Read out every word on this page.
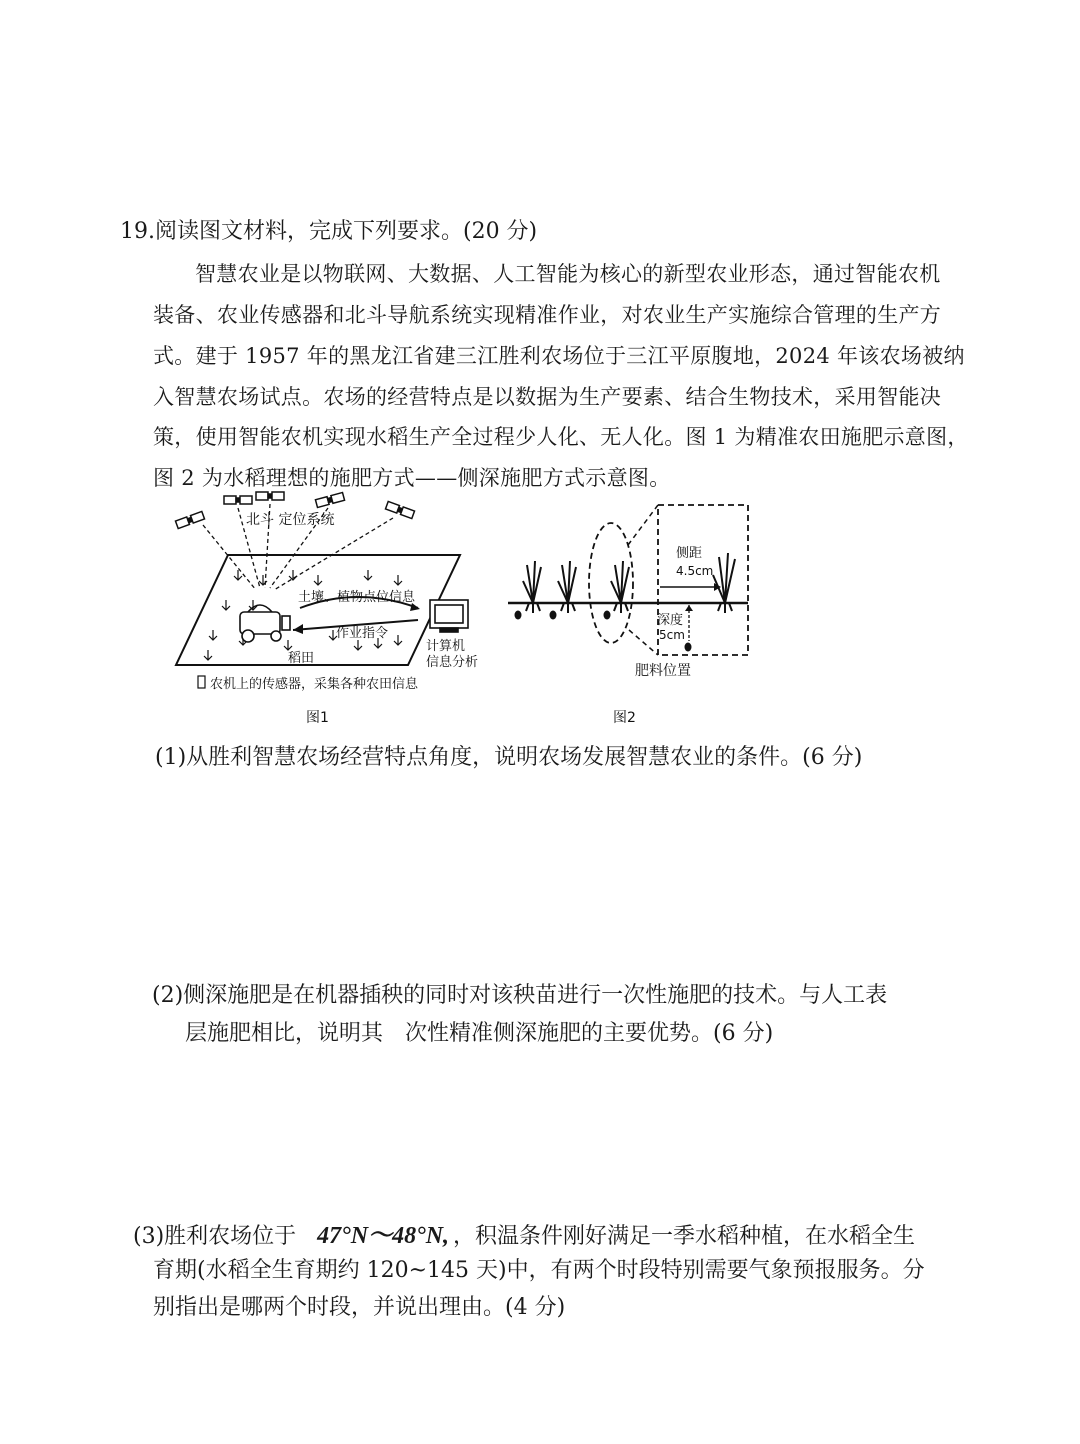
19.阅读图文材料，完成下列要求。(20 分)
智慧农业是以物联网、大数据、人工智能为核心的新型农业形态，通过智能农机
装备、农业传感器和北斗导航系统实现精准作业，对农业生产实施综合管理的生产方
式。建于 1957 年的黑龙江省建三江胜利农场位于三江平原腹地，2024 年该农场被纳
入智慧农场试点。农场的经营特点是以数据为生产要素、结合生物技术，采用智能决
策，使用智能农机实现水稻生产全过程少人化、无人化。图 1 为精准农田施肥示意图，
图 2 为水稻理想的施肥方式——侧深施肥方式示意图。
北斗 定位系统
土壤、植物点位信息
作业指令
稻田
计算机
信息分析
农机上的传感器，采集各种农田信息
图1
侧距
4.5cm
深度
5cm
肥料位置
图2
(1)从胜利智慧农场经营特点角度，说明农场发展智慧农业的条件。(6 分)
(2)侧深施肥是在机器插秧的同时对该秧苗进行一次性施肥的技术。与人工表
层施肥相比，说明其　次性精准侧深施肥的主要优势。(6 分)
(3)胜利农场位于 47°N～48°N, ，积温条件刚好满足一季水稻种植，在水稻全生
育期(水稻全生育期约 120~145 天)中，有两个时段特别需要气象预报服务。分
别指出是哪两个时段，并说出理由。(4 分)
